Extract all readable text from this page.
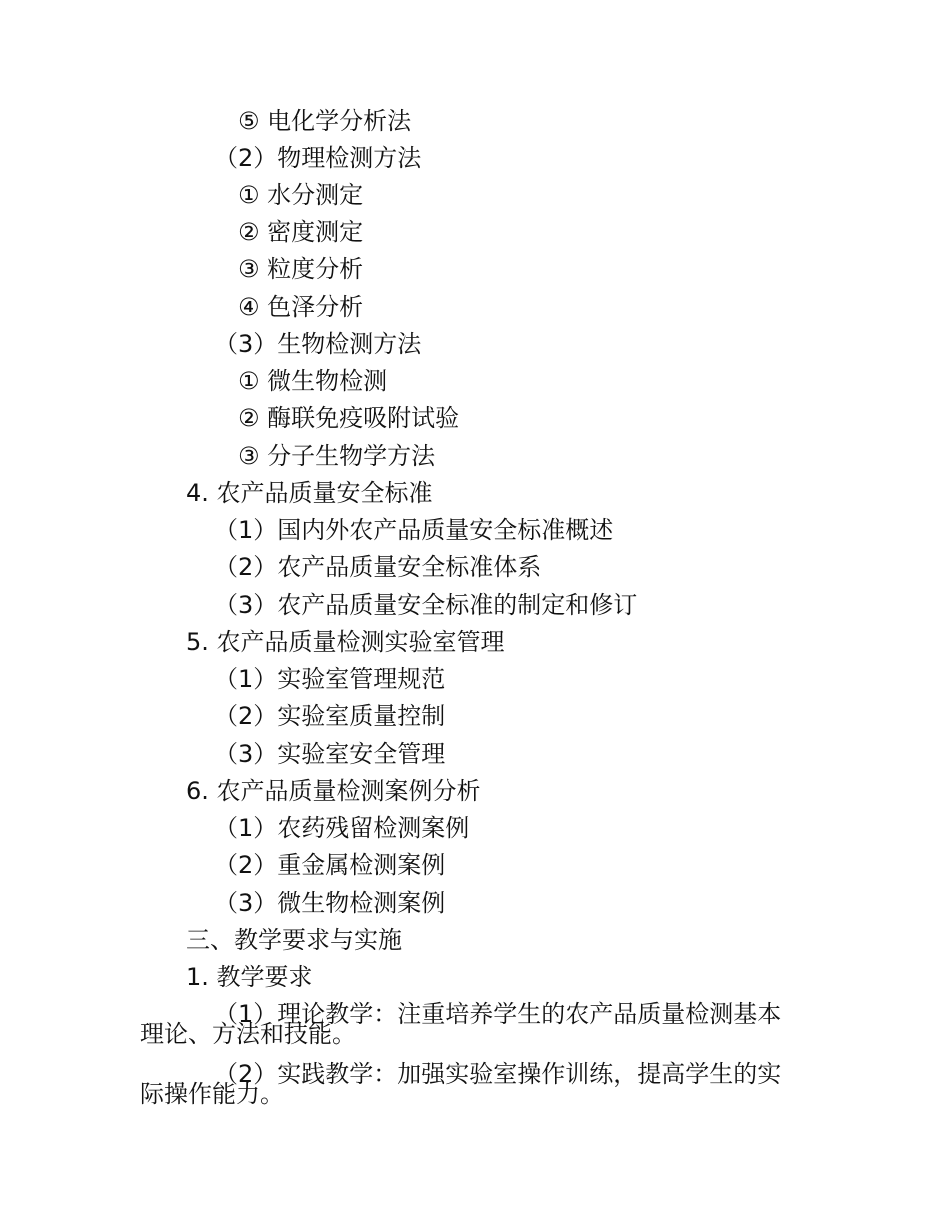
⑤ 电化学分析法
（2）物理检测方法
① 水分测定
② 密度测定
③ 粒度分析
④ 色泽分析
（3）生物检测方法
① 微生物检测
② 酶联免疫吸附试验
③ 分子生物学方法
4. 农产品质量安全标准
（1）国内外农产品质量安全标准概述
（2）农产品质量安全标准体系
（3）农产品质量安全标准的制定和修订
5. 农产品质量检测实验室管理
（1）实验室管理规范
（2）实验室质量控制
（3）实验室安全管理
6. 农产品质量检测案例分析
（1）农药残留检测案例
（2）重金属检测案例
（3）微生物检测案例
三、教学要求与实施
1. 教学要求
（1）理论教学：注重培养学生的农产品质量检测基本
理论、方法和技能。
（2）实践教学：加强实验室操作训练，提高学生的实
际操作能力。
